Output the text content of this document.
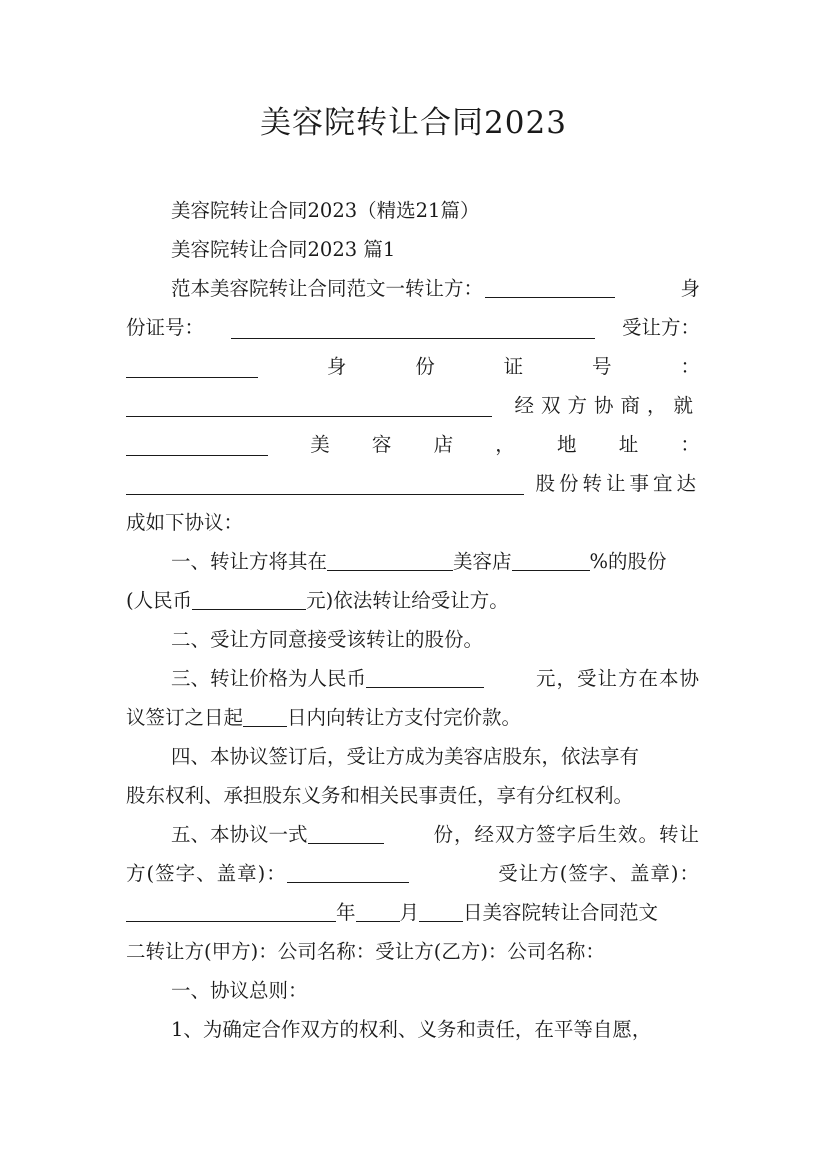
美容院转让合同2023
美容院转让合同2023（精选21篇）
美容院转让合同2023 篇1
范本美容院转让合同范文一转让方：	身
份证号：	受让方：
身	份	证	号	：
经双方协商，就
美 容 店 ， 地 址 ：
股份转让事宜达
成如下协议：
一、转让方将其在	美容店	%的股份
(人民币	元)依法转让给受让方。
二、受让方同意接受该转让的股份。
三、转让价格为人民币	元，受让方在本协
议签订之日起 日内向转让方支付完价款。
四、本协议签订后，受让方成为美容店股东，依法享有
股东权利、承担股东义务和相关民事责任，享有分红权利。
五、本协议一式	份，经双方签字后生效。转让
方(签字、盖章)：	受让方(签字、盖章)：
年 月 日美容院转让合同范文
二转让方(甲方)：公司名称：受让方(乙方)：公司名称：
一、协议总则：
1、为确定合作双方的权利、义务和责任，在平等自愿，
